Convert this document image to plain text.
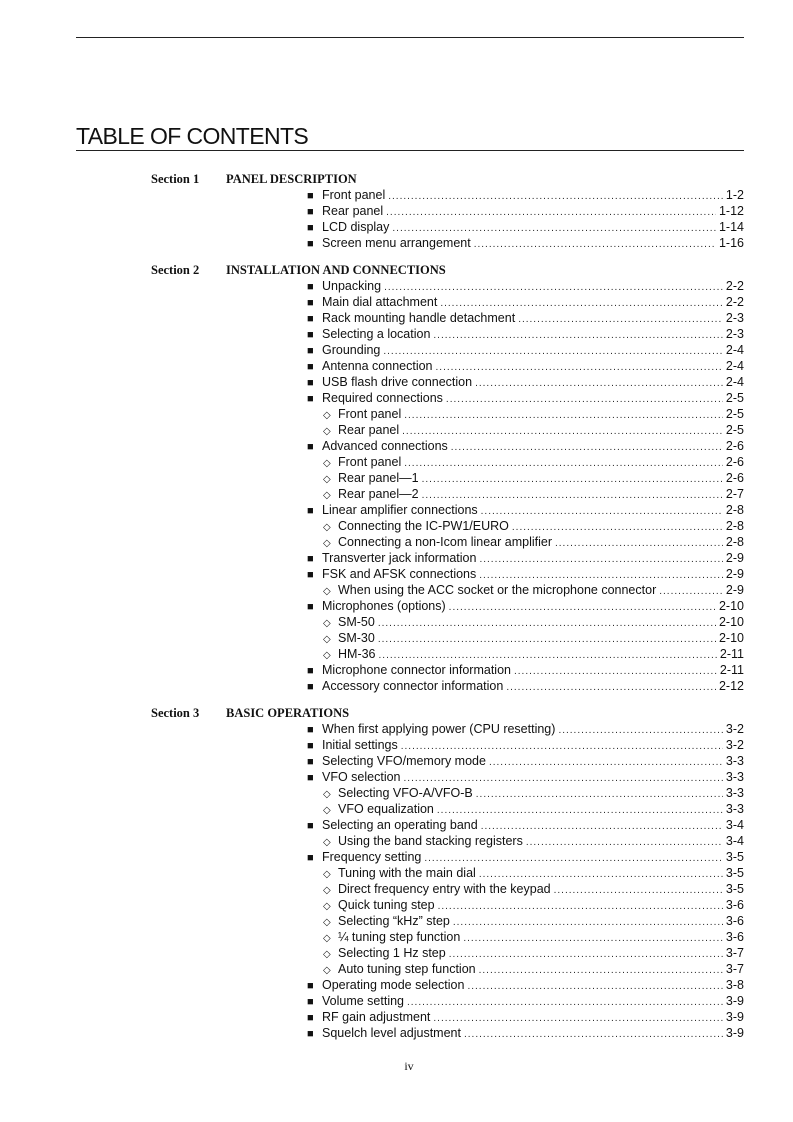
TABLE OF CONTENTS
Section 1 PANEL DESCRIPTION
■ Front panel .....	1-2
■ Rear panel .....	1-12
■ LCD display .....	1-14
■ Screen menu arrangement .....	1-16
Section 2 INSTALLATION AND CONNECTIONS
■ Unpacking .....	2-2
■ Main dial attachment .....	2-2
■ Rack mounting handle detachment .....	2-3
■ Selecting a location .....	2-3
■ Grounding .....	2-4
■ Antenna connection .....	2-4
■ USB flash drive connection .....	2-4
■ Required connections .....	2-5
◇ Front panel .....	2-5
◇ Rear panel .....	2-5
■ Advanced connections .....	2-6
◇ Front panel .....	2-6
◇ Rear panel—1 .....	2-6
◇ Rear panel—2 .....	2-7
■ Linear amplifier connections .....	2-8
◇ Connecting the IC-PW1/EURO .....	2-8
◇ Connecting a non-Icom linear amplifier .....	2-8
■ Transverter jack information .....	2-9
■ FSK and AFSK connections .....	2-9
◇ When using the ACC socket or the microphone connector .....	2-9
■ Microphones (options) .....	2-10
◇ SM-50 .....	2-10
◇ SM-30 .....	2-10
◇ HM-36 .....	2-11
■ Microphone connector information .....	2-11
■ Accessory connector information .....	2-12
Section 3 BASIC OPERATIONS
■ When first applying power (CPU resetting) .....	3-2
■ Initial settings .....	3-2
■ Selecting VFO/memory mode .....	3-3
■ VFO selection .....	3-3
◇ Selecting VFO-A/VFO-B .....	3-3
◇ VFO equalization .....	3-3
■ Selecting an operating band .....	3-4
◇ Using the band stacking registers .....	3-4
■ Frequency setting .....	3-5
◇ Tuning with the main dial .....	3-5
◇ Direct frequency entry with the keypad .....	3-5
◇ Quick tuning step .....	3-6
◇ Selecting “kHz” step .....	3-6
◇ ¼ tuning step function .....	3-6
◇ Selecting 1 Hz step .....	3-7
◇ Auto tuning step function .....	3-7
■ Operating mode selection .....	3-8
■ Volume setting .....	3-9
■ RF gain adjustment .....	3-9
■ Squelch level adjustment .....	3-9
iv
